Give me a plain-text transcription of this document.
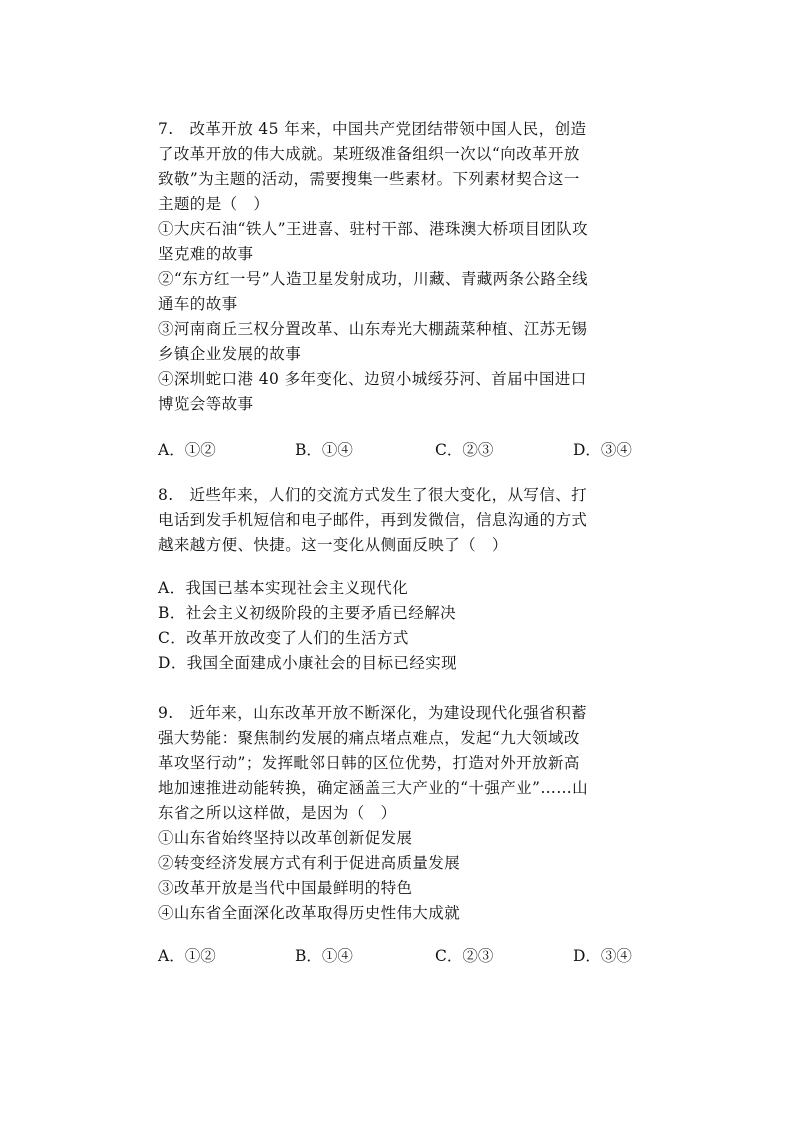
7.　改革开放 45 年来，中国共产党团结带领中国人民，创造
了改革开放的伟大成就。某班级准备组织一次以“向改革开放
致敬”为主题的活动，需要搜集一些素材。下列素材契合这一
主题的是（　）
①大庆石油“铁人”王进喜、驻村干部、港珠澳大桥项目团队攻
坚克难的故事
②“东方红一号”人造卫星发射成功，川藏、青藏两条公路全线
通车的故事
③河南商丘三权分置改革、山东寿光大棚蔬菜种植、江苏无锡
乡镇企业发展的故事
④深圳蛇口港 40 多年变化、边贸小城绥芬河、首届中国进口
博览会等故事
A．①②	B．①④	C．②③	D．③④
8.　近些年来，人们的交流方式发生了很大变化，从写信、打
电话到发手机短信和电子邮件，再到发微信，信息沟通的方式
越来越方便、快捷。这一变化从侧面反映了（　）
A．我国已基本实现社会主义现代化
B．社会主义初级阶段的主要矛盾已经解决
C．改革开放改变了人们的生活方式
D．我国全面建成小康社会的目标已经实现
9.　近年来，山东改革开放不断深化，为建设现代化强省积蓄
强大势能：聚焦制约发展的痛点堵点难点，发起“九大领域改
革攻坚行动”；发挥毗邻日韩的区位优势，打造对外开放新高
地加速推进动能转换，确定涵盖三大产业的“十强产业”……山
东省之所以这样做，是因为（　）
①山东省始终坚持以改革创新促发展
②转变经济发展方式有利于促进高质量发展
③改革开放是当代中国最鲜明的特色
④山东省全面深化改革取得历史性伟大成就
A．①②	B．①④	C．②③	D．③④
